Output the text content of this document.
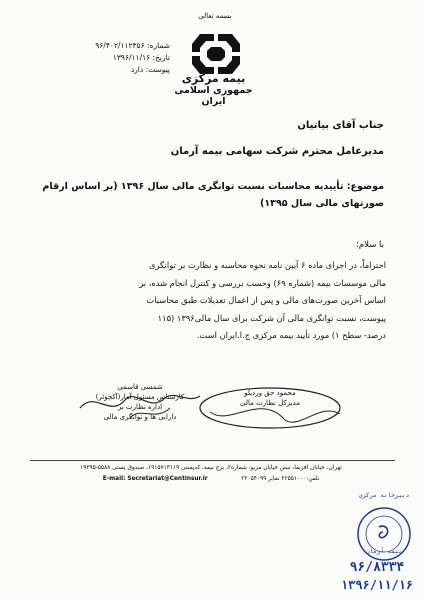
بسمه تعالی
شماره: ۹۶/۴۰۲/۱۱۲۳۵۶
تاریخ: ۱۳۹۶/۱۱/۱۶
پیوست: دارد
بیمه مرکزی
جمهوری اسلامی ایران
جناب آقای بیاتیان
مدیرعامل محترم شرکت سهامی بیمه آرمان
موضوع: تأییدیه محاسبات نسبت توانگری مالی سال ۱۳۹۶ (بر اساس ارقام
صورتهای مالی سال ۱۳۹۵)
با سلام؛
احتراماً، در اجرای ماده ۶ آیین نامه نحوه محاسبه و نظارت بر توانگری
مالی موسسات بیمه (شماره ۶۹) وحسب بررسی و کنترل انجام شده، بر
اساس آخرین صورت‌های مالی و پس از اعمال تعدیلات طبق محاسبات
پیوست، نسبت توانگری مالی آن شرکت برای سال مالی۱۳۹۶ (۱۱۵
درصد- سطح ۱) مورد تأیید بیمه مرکزی ج.ا.ایران است.
شمسی قاسمی
کارشناس مسئول آمار(آکچوئر)
اداره نظارت بر
دارایی ها و توانگری مالی
محمود حق وردیلو
مدیرکل نظارت مالی
تهران، خیابان افریقا، نبش خیابان مزیو، شماره۲، برج بیمه، کدپستی ۱۹۱۵۷۱۳۱۱۹، صندوق پستی ۵۵۸۸-۱۹۳۹۵
E-mail: Secretariat@Centinsur.ir	تلفن:۲۲۵۵۱۰۰۰ نمابر ۲۲۰۵۴۰۹۹
دبیرخانه مرکزی
بیمه آرمان
۹۶/۸۳۳۴
۱۳۹۶/۱۱/۱۶
